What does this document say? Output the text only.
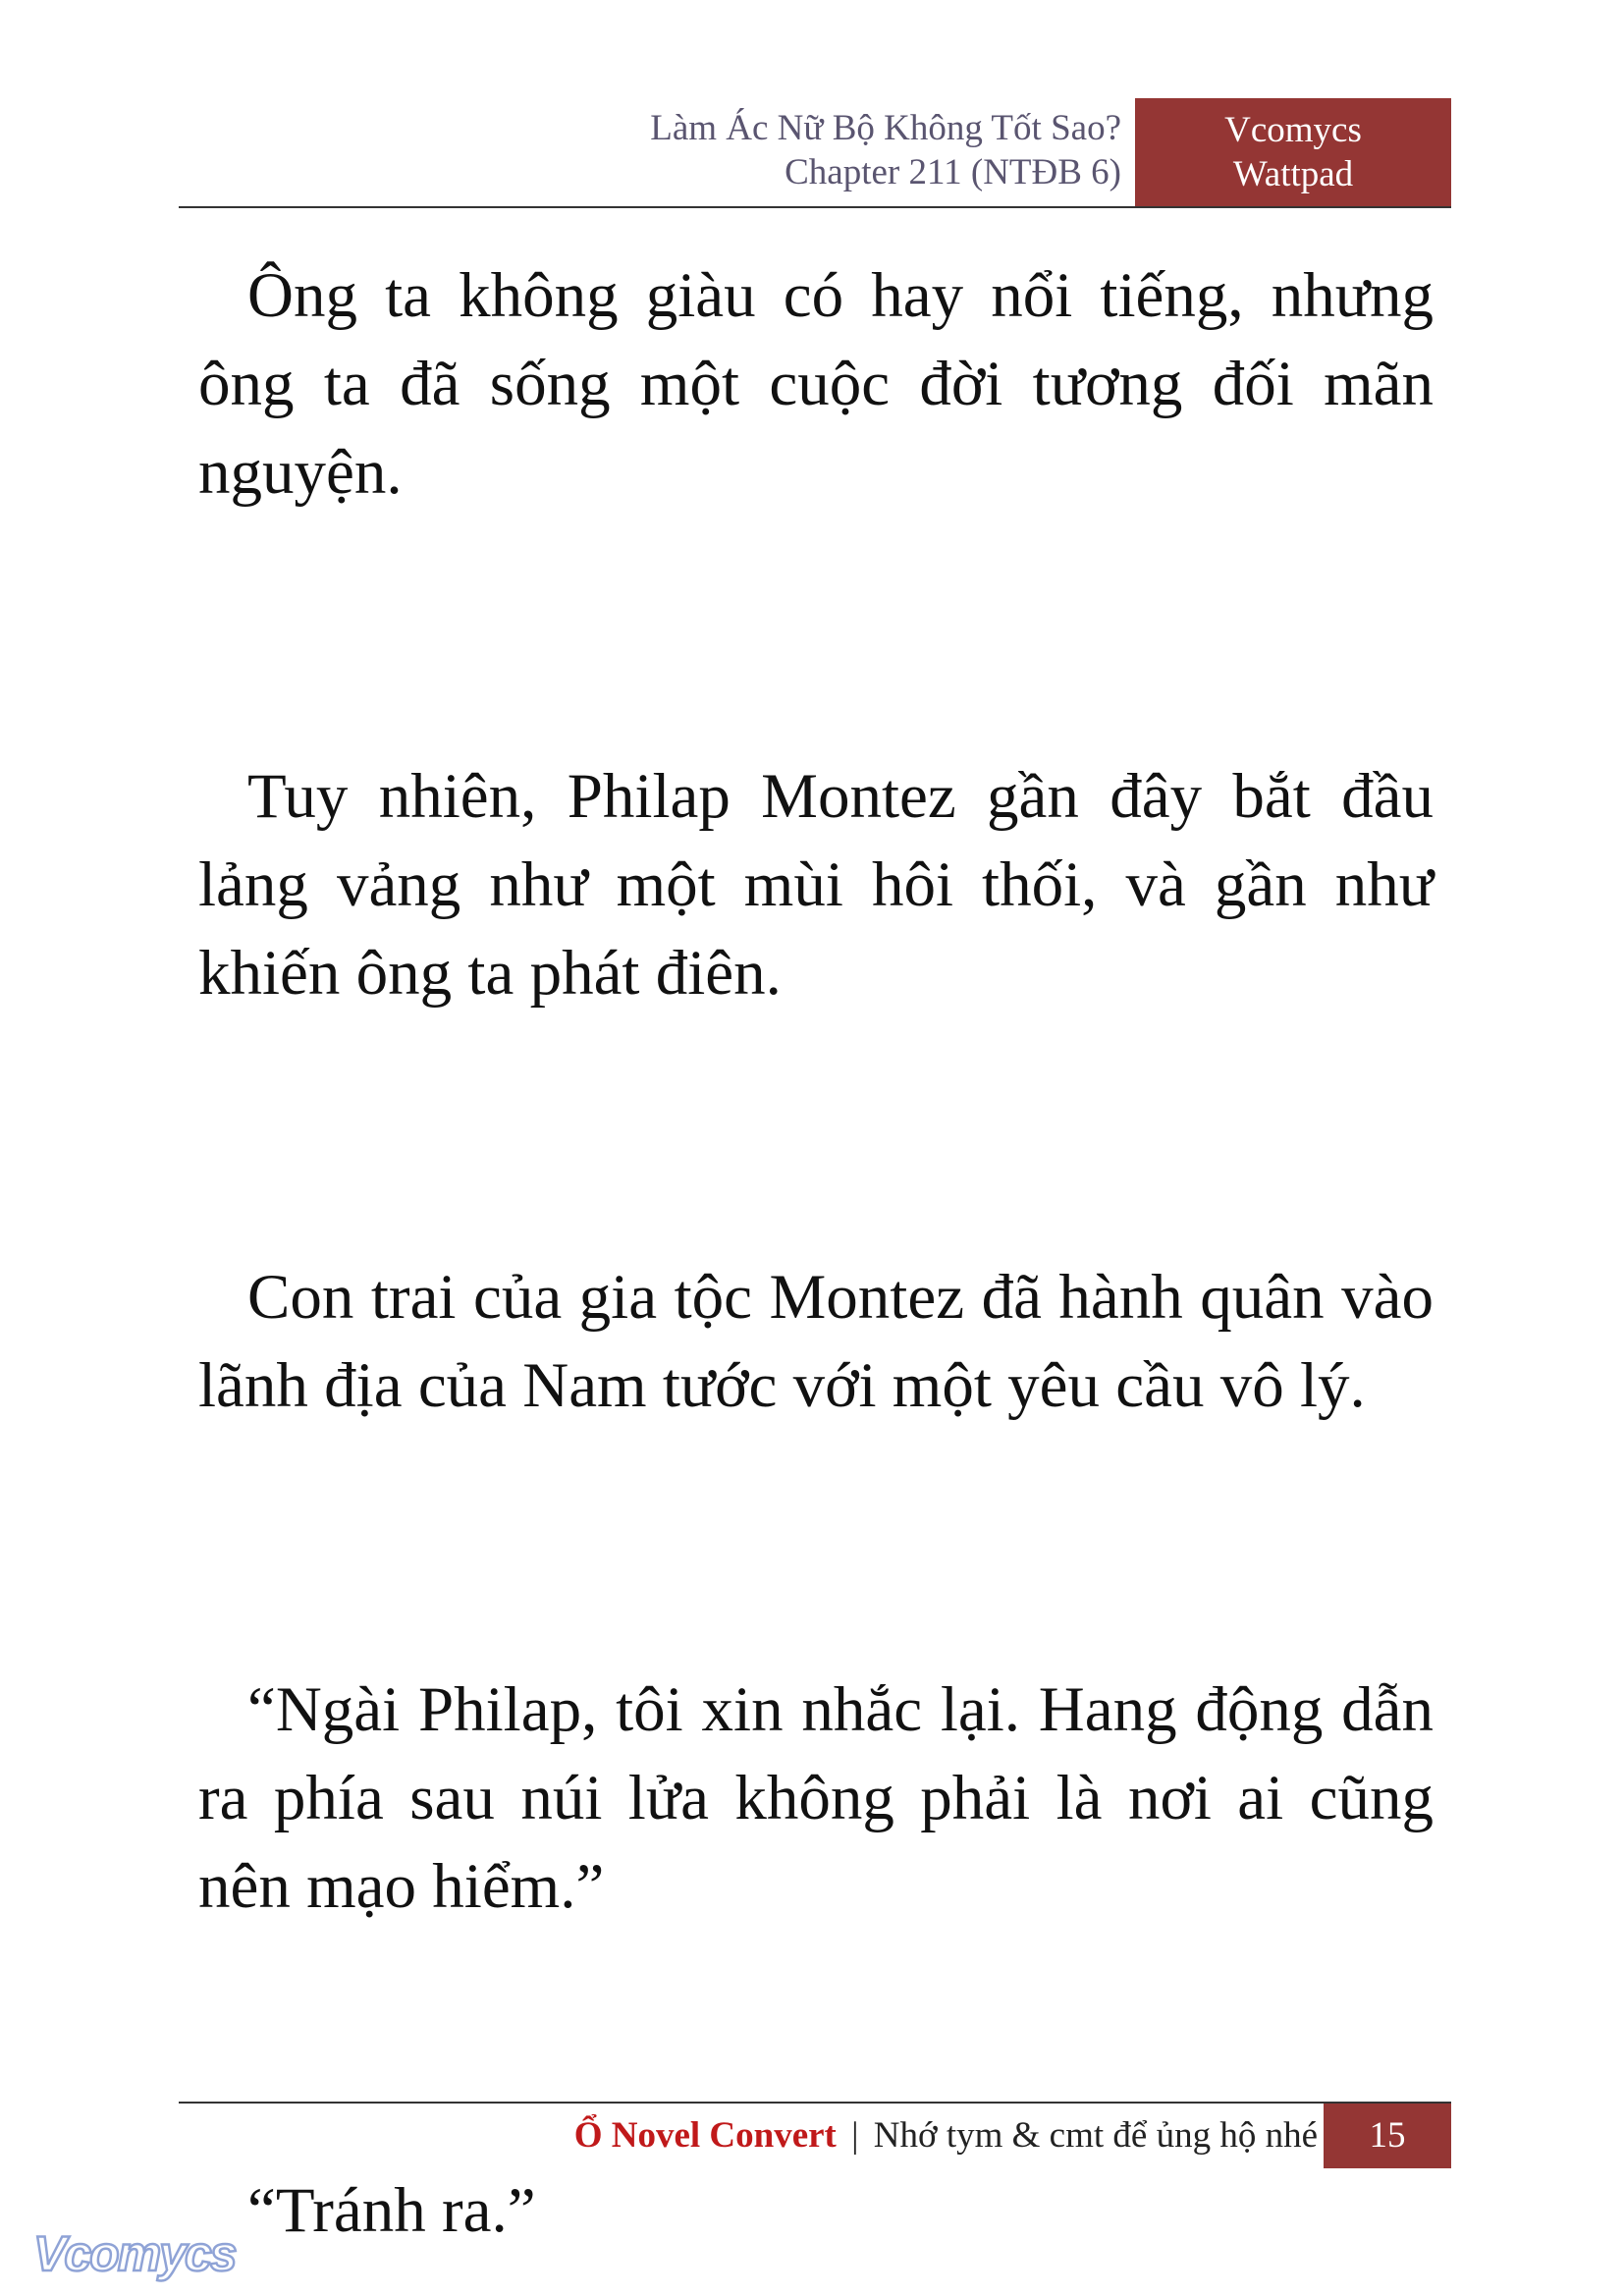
Làm Ác Nữ Bộ Không Tốt Sao?
Chapter 211 (NTĐB 6)
Vcomycs
Wattpad

Ông ta không giàu có hay nổi tiếng, nhưng ông ta đã sống một cuộc đời tương đối mãn nguyện.

Tuy nhiên, Philap Montez gần đây bắt đầu lảng vảng như một mùi hôi thối, và gần như khiến ông ta phát điên.

Con trai của gia tộc Montez đã hành quân vào lãnh địa của Nam tước với một yêu cầu vô lý.

“Ngài Philap, tôi xin nhắc lại. Hang động dẫn ra phía sau núi lửa không phải là nơi ai cũng nên mạo hiểm.”

“Tránh ra.”

Ổ Novel Convert | Nhớ tym & cmt để ủng hộ nhé	15
Vcomycs
